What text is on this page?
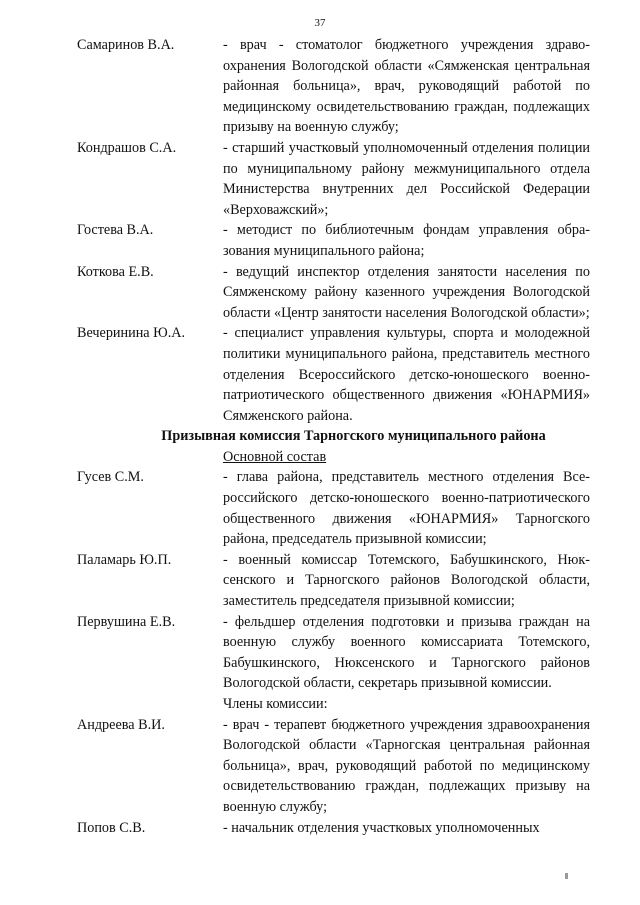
37
Самаринов В.А.	- врач - стоматолог бюджетного учреждения здравоохранения Вологодской области «Сямженская центральная районная больница», врач, руководящий работой по медицинскому освидетельствованию граждан, подлежащих призыву на военную службу;
Кондрашов С.А.	- старший участковый уполномоченный отделения полиции по муниципальному району межмуниципального отдела Министерства внутренних дел Российской Федерации «Верховажский»;
Гостева В.А.	- методист по библиотечным фондам управления образования муниципального района;
Коткова Е.В.	- ведущий инспектор отделения занятости населения по Сямженскому району казенного учреждения Вологодской области «Центр занятости населения Вологодской области»;
Вечеринина Ю.А.	- специалист управления культуры, спорта и молодежной политики муниципального района, представитель местного отделения Всероссийского детско-юношеского военно-патриотического общественного движения «ЮНАРМИЯ» Сямженского района.
Призывная комиссия Тарногского муниципального района
Основной состав
Гусев С.М.	- глава района, представитель местного отделения Всероссийского детско-юношеского военно-патриотического общественного движения «ЮНАРМИЯ» Тарногского района, председатель призывной комиссии;
Паламарь Ю.П.	- военный комиссар Тотемского, Бабушкинского, Нюксенского и Тарногского районов Вологодской области, заместитель председателя призывной комиссии;
Первушина Е.В.	- фельдшер отделения подготовки и призыва граждан на военную службу военного комиссариата Тотемского, Бабушкинского, Нюксенского и Тарногского районов Вологодской области, секретарь призывной комиссии.
Члены комиссии:
Андреева В.И.	- врач - терапевт бюджетного учреждения здравоохранения Вологодской области «Тарногская центральная районная больница», врач, руководящий работой по медицинскому освидетельствованию граждан, подлежащих призыву на военную службу;
Попов С.В.	- начальник отделения участковых уполномоченных
